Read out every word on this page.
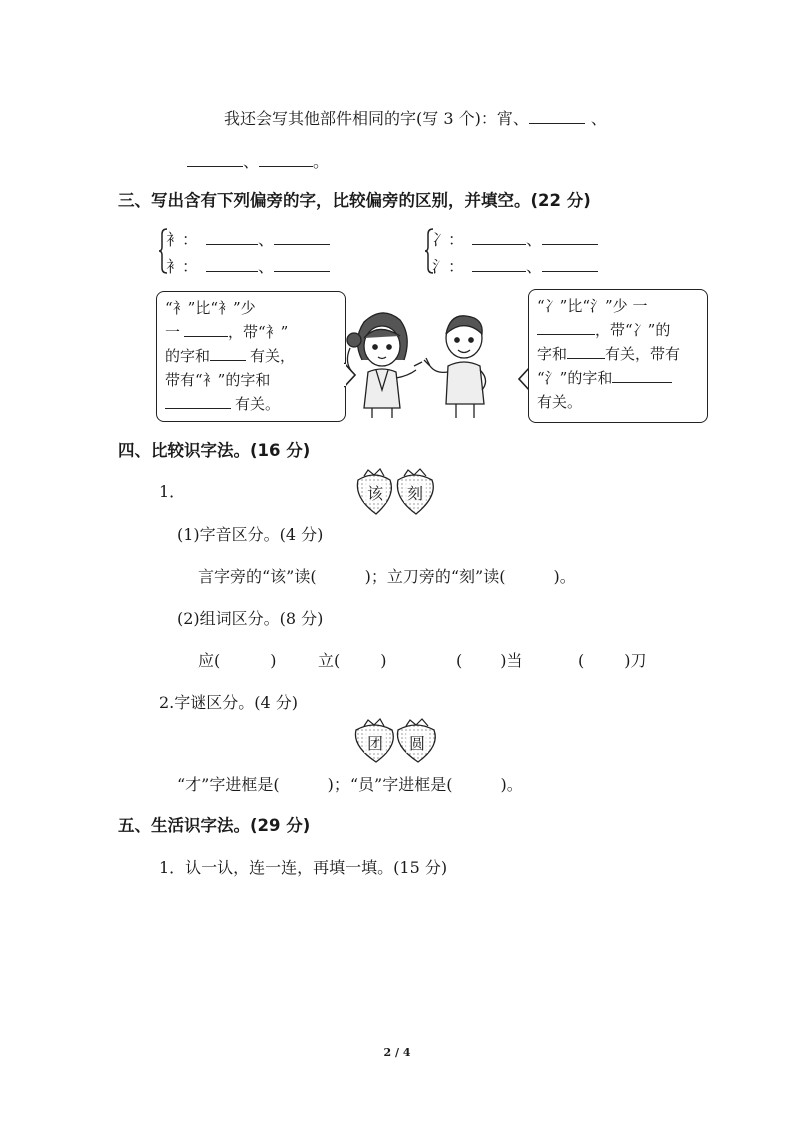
我还会写其他部件相同的字(写 3 个)：宵、	、
、	。
三、写出含有下列偏旁的字，比较偏旁的区别，并填空。(22 分)
衤：	、
衤：	、
冫：	、
氵：	、
“衤”比“衤”少
一	，带“衤”
的字和	有关，
带有“衤”的字和
有关。
“冫”比“氵”少 一
，带“冫”的
字和	有关，带有
“氵”的字和
有关。
四、比较识字法。(16 分)
1．	该 刻
(1)字音区分。(4 分)
言字旁的“该”读(	)；立刀旁的“刻”读(	)。
(2)组词区分。(8 分)
应(	)	立(	)	( )当	(	)刀
2.字谜区分。(4 分)
团 圆
“才”字进框是(	)；“员”字进框是(	)。
五、生活识字法。(29 分)
1．认一认，连一连，再填一填。(15 分)
2 / 4
